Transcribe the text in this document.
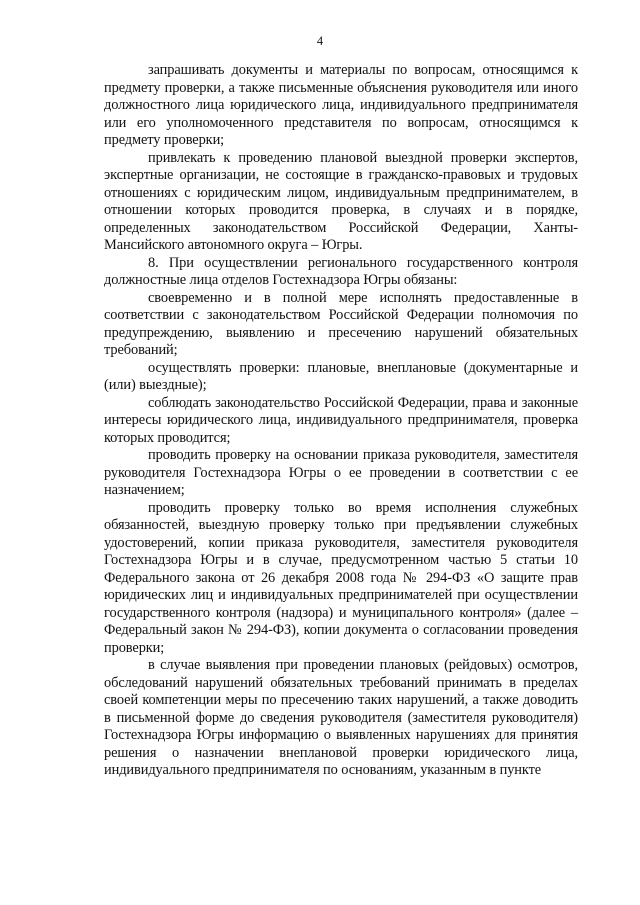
4

запрашивать документы и материалы по вопросам, относящимся к предмету проверки, а также письменные объяснения руководителя или иного должностного лица юридического лица, индивидуального предпринимателя или его уполномоченного представителя по вопросам, относящимся к предмету проверки;

привлекать к проведению плановой выездной проверки экспертов, экспертные организации, не состоящие в гражданско-правовых и трудовых отношениях с юридическим лицом, индивидуальным предпринимателем, в отношении которых проводится проверка, в случаях и в порядке, определенных законодательством Российской Федерации, Ханты-Мансийского автономного округа – Югры.

8. При осуществлении регионального государственного контроля должностные лица отделов Гостехнадзора Югры обязаны:

своевременно и в полной мере исполнять предоставленные в соответствии с законодательством Российской Федерации полномочия по предупреждению, выявлению и пресечению нарушений обязательных требований;

осуществлять проверки: плановые, внеплановые (документарные и (или) выездные);

соблюдать законодательство Российской Федерации, права и законные интересы юридического лица, индивидуального предпринимателя, проверка которых проводится;

проводить проверку на основании приказа руководителя, заместителя руководителя Гостехнадзора Югры о ее проведении в соответствии с ее назначением;

проводить проверку только во время исполнения служебных обязанностей, выездную проверку только при предъявлении служебных удостоверений, копии приказа руководителя, заместителя руководителя Гостехнадзора Югры и в случае, предусмотренном частью 5 статьи 10 Федерального закона от 26 декабря 2008 года № 294-ФЗ «О защите прав юридических лиц и индивидуальных предпринимателей при осуществлении государственного контроля (надзора) и муниципального контроля» (далее – Федеральный закон № 294-ФЗ), копии документа о согласовании проведения проверки;

в случае выявления при проведении плановых (рейдовых) осмотров, обследований нарушений обязательных требований принимать в пределах своей компетенции меры по пресечению таких нарушений, а также доводить в письменной форме до сведения руководителя (заместителя руководителя) Гостехнадзора Югры информацию о выявленных нарушениях для принятия решения о назначении внеплановой проверки юридического лица, индивидуального предпринимателя по основаниям, указанным в пункте
